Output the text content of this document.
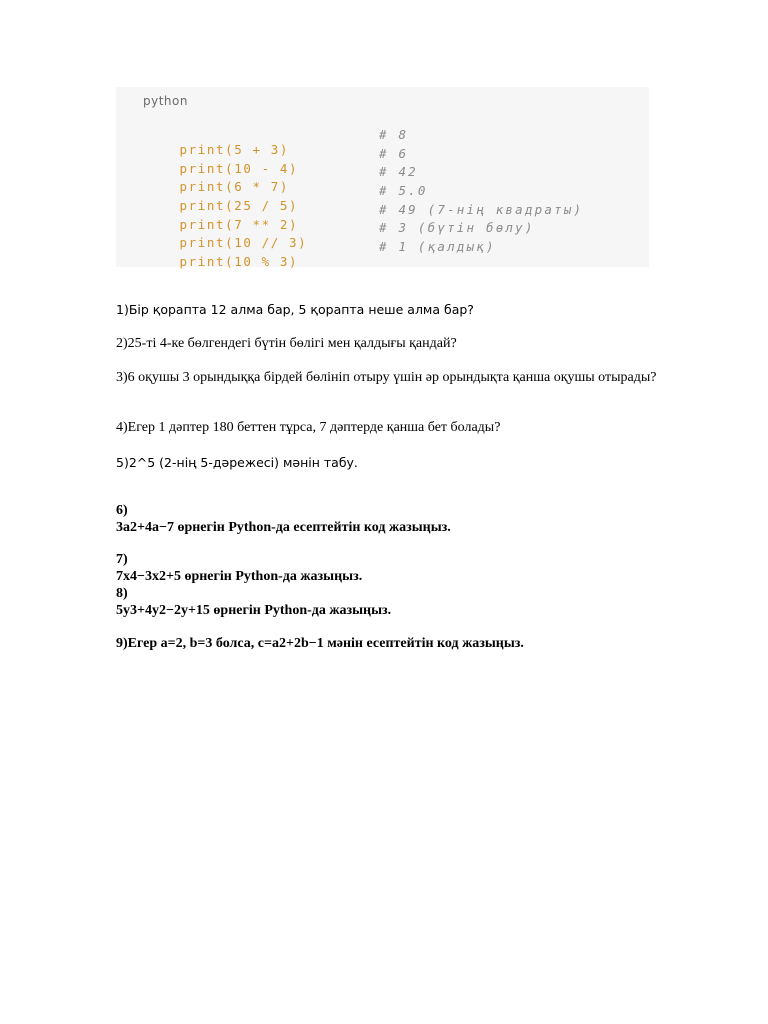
python

print(5 + 3)

# 8

print(10 - 4)

# 6

print(6 * 7)

# 42

print(25 / 5)

# 5.0

print(7 ** 2)

# 49 (7-нің квадраты)

print(10 // 3)

# 3 (бүтін бөлу)

print(10 % 3)

# 1 (қалдық)

1)Бір қорапта 12 алма бар, 5 қорапта неше алма бар?
2)25-ті 4-ке бөлгендегі бүтін бөлігі мен қалдығы қандай?
3)6 оқушы 3 орындыққа бірдей бөлініп отыру үшін әр орындықта қанша оқушы отырады?
4)Егер 1 дәптер 180 беттен тұрса, 7 дәптерде қанша бет болады?
5)2^5 (2-нің 5-дәрежесі) мәнін табу.
6)
3a2+4a−7 өрнегін Python-да есептейтін код жазыңыз.
7)
7x4−3x2+5 өрнегін Python-да жазыңыз.
8)
5y3+4y2−2y+15 өрнегін Python-да жазыңыз.
9)Егер a=2, b=3 болса, c=a2+2b−1 мәнін есептейтін код жазыңыз.
